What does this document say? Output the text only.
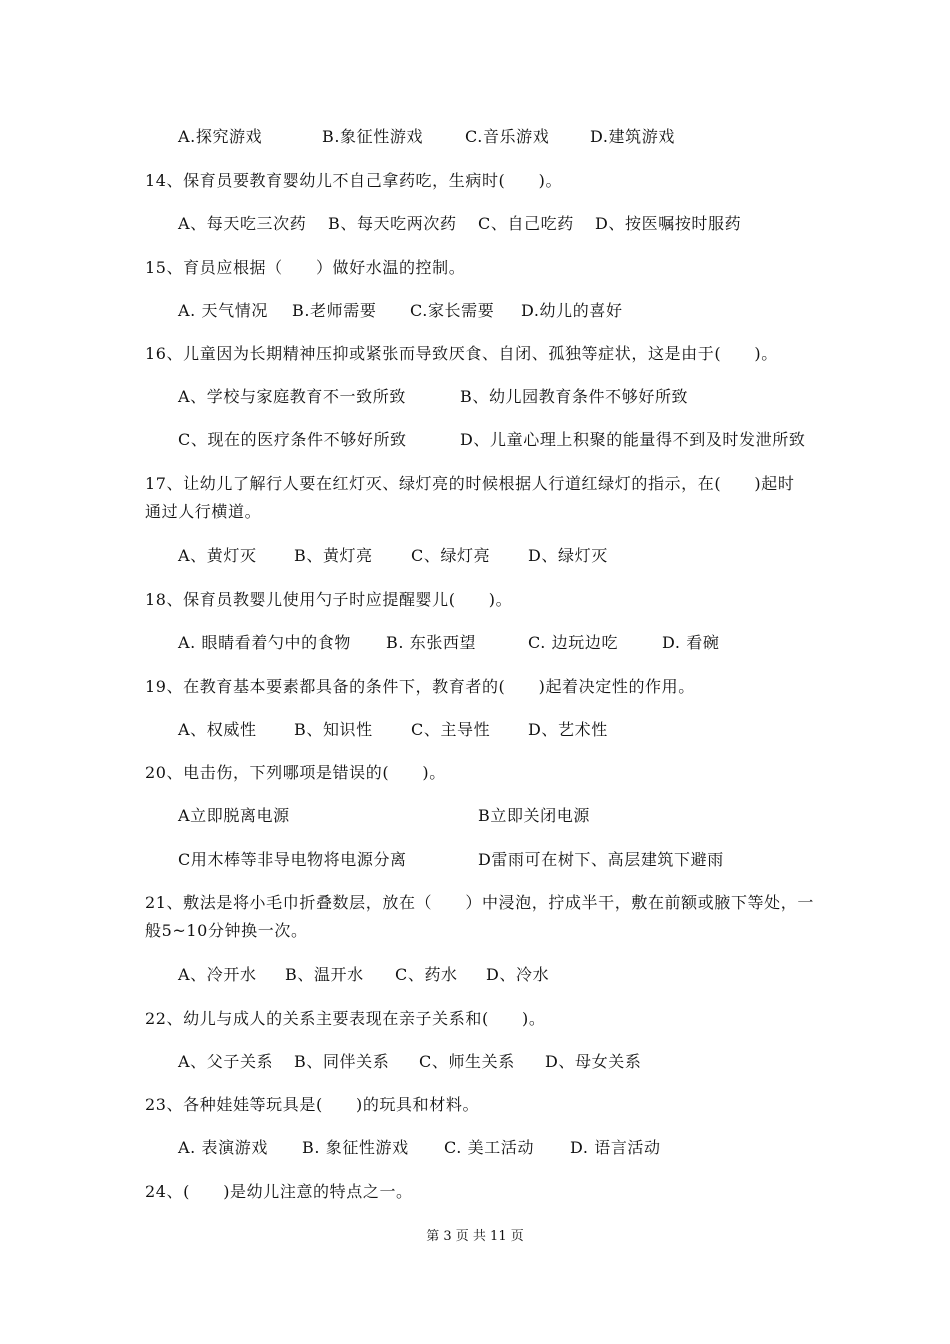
A.探究游戏	B.象征性游戏	C.音乐游戏	D.建筑游戏
14、保育员要教育婴幼儿不自己拿药吃，生病时(　　)。
A、每天吃三次药 B、每天吃两次药 C、自己吃药 D、按医嘱按时服药
15、育员应根据（　　）做好水温的控制。
A. 天气情况 B.老师需要 C.家长需要 D.幼儿的喜好
16、儿童因为长期精神压抑或紧张而导致厌食、自闭、孤独等症状，这是由于(　　)。
A、学校与家庭教育不一致所致	B、幼儿园教育条件不够好所致
C、现在的医疗条件不够好所致	D、儿童心理上积聚的能量得不到及时发泄所致
17、让幼儿了解行人要在红灯灭、绿灯亮的时候根据人行道红绿灯的指示，在(　　)起时
通过人行横道。
A、黄灯灭 B、黄灯亮 C、绿灯亮 D、绿灯灭
18、保育员教婴儿使用勺子时应提醒婴儿(　　)。
A. 眼睛看着勺中的食物 B. 东张西望	C. 边玩边吃	D. 看碗
19、在教育基本要素都具备的条件下，教育者的(　　)起着决定性的作用。
A、权威性 B、知识性 C、主导性 D、艺术性
20、电击伤，下列哪项是错误的(　　)。
A立即脱离电源	B立即关闭电源
C用木棒等非导电物将电源分离	D雷雨可在树下、高层建筑下避雨
21、敷法是将小毛巾折叠数层，放在（　　）中浸泡，拧成半干，敷在前额或腋下等处，一
般5~10分钟换一次。
A、冷开水 B、温开水 C、药水 D、冷水
22、幼儿与成人的关系主要表现在亲子关系和(　　)。
A、父子关系 B、同伴关系 C、师生关系 D、母女关系
23、各种娃娃等玩具是(　　)的玩具和材料。
A. 表演游戏 B. 象征性游戏 C. 美工活动 D. 语言活动
24、(　　)是幼儿注意的特点之一。
第 3 页 共 11 页
